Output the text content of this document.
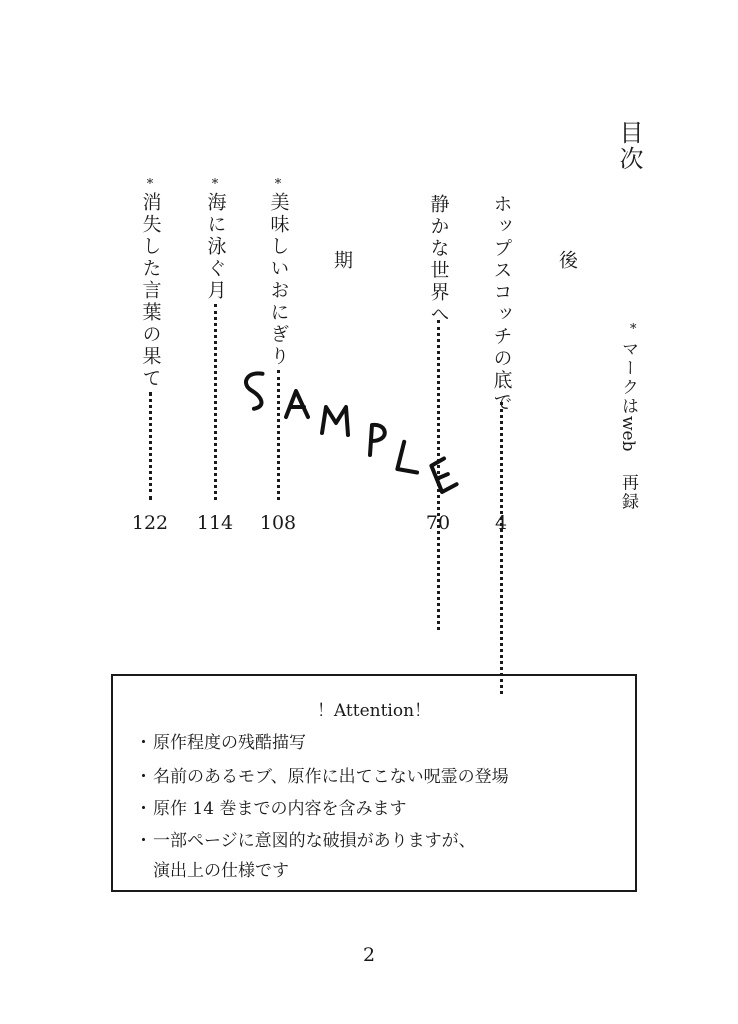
目次
*
マークはweb 再録
後
期	ホップスコッチの底で
4
静かな世界へ
70
*
美味しいおにぎり
108
*
海に泳ぐ月
114
*
消失した言葉の果て
122
！Attention！
・原作程度の残酷描写
・名前のあるモブ、原作に出てこない呪霊の登場
・原作 14 巻までの内容を含みます
・一部ページに意図的な破損がありますが、
演出上の仕様です
2
